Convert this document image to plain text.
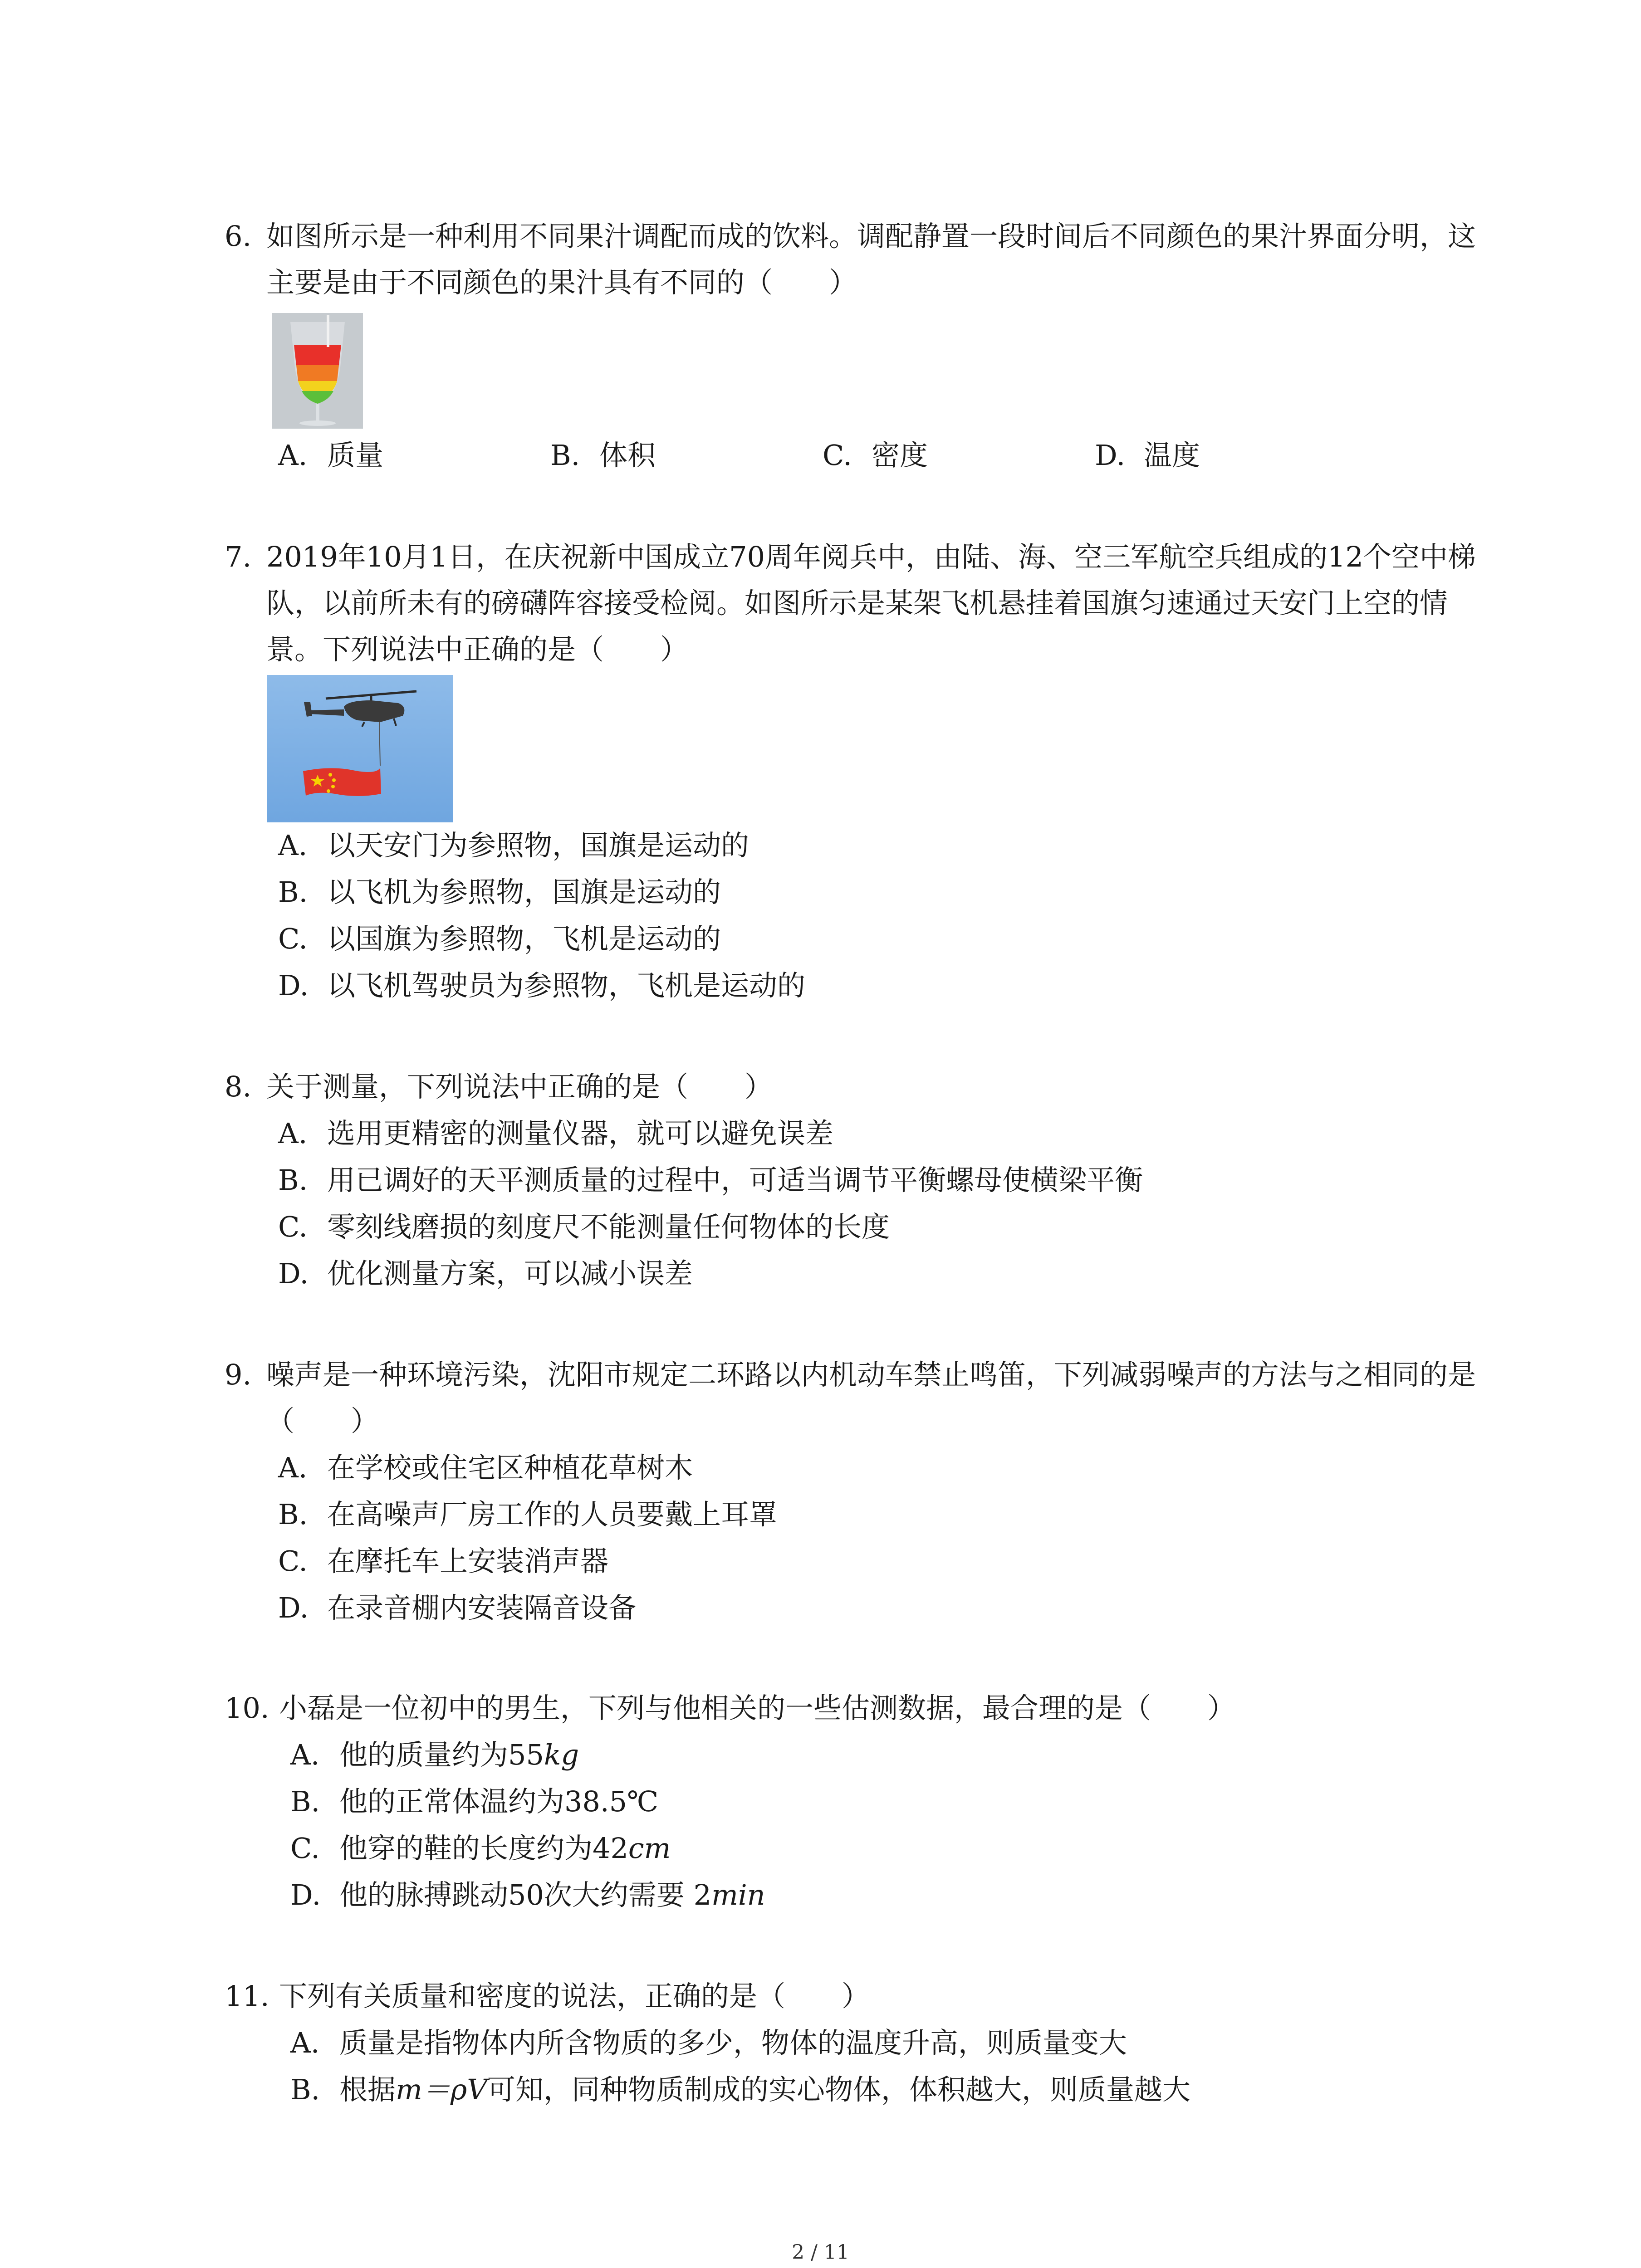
6. 如图所示是一种利用不同果汁调配而成的饮料。调配静置一段时间后不同颜色的果汁界面分明，这主要是由于不同颜色的果汁具有不同的（　　）
A. 质量	B. 体积	C. 密度	D. 温度
7. 2019年10月1日，在庆祝新中国成立70周年阅兵中，由陆、海、空三军航空兵组成的12个空中梯队，以前所未有的磅礴阵容接受检阅。如图所示是某架飞机悬挂着国旗匀速通过天安门上空的情景。下列说法中正确的是（　　）
A. 以天安门为参照物，国旗是运动的
B. 以飞机为参照物，国旗是运动的
C. 以国旗为参照物，飞机是运动的
D. 以飞机驾驶员为参照物，飞机是运动的
8. 关于测量，下列说法中正确的是（　　）
A. 选用更精密的测量仪器，就可以避免误差
B. 用已调好的天平测质量的过程中，可适当调节平衡螺母使横梁平衡
C. 零刻线磨损的刻度尺不能测量任何物体的长度
D. 优化测量方案，可以减小误差
9. 噪声是一种环境污染，沈阳市规定二环路以内机动车禁止鸣笛，下列减弱噪声的方法与之相同的是（　　）
A. 在学校或住宅区种植花草树木
B. 在高噪声厂房工作的人员要戴上耳罩
C. 在摩托车上安装消声器
D. 在录音棚内安装隔音设备
10. 小磊是一位初中的男生，下列与他相关的一些估测数据，最合理的是（　　）
A. 他的质量约为55 kg
B. 他的正常体温约为38.5℃
C. 他穿的鞋的长度约为42 cm
D. 他的脉搏跳动50次大约需要 2 min
11. 下列有关质量和密度的说法，正确的是（　　）
A. 质量是指物体内所含物质的多少，物体的温度升高，则质量变大
B. 根据 m＝ρV 可知，同种物质制成的实心物体，体积越大，则质量越大
2 / 11
